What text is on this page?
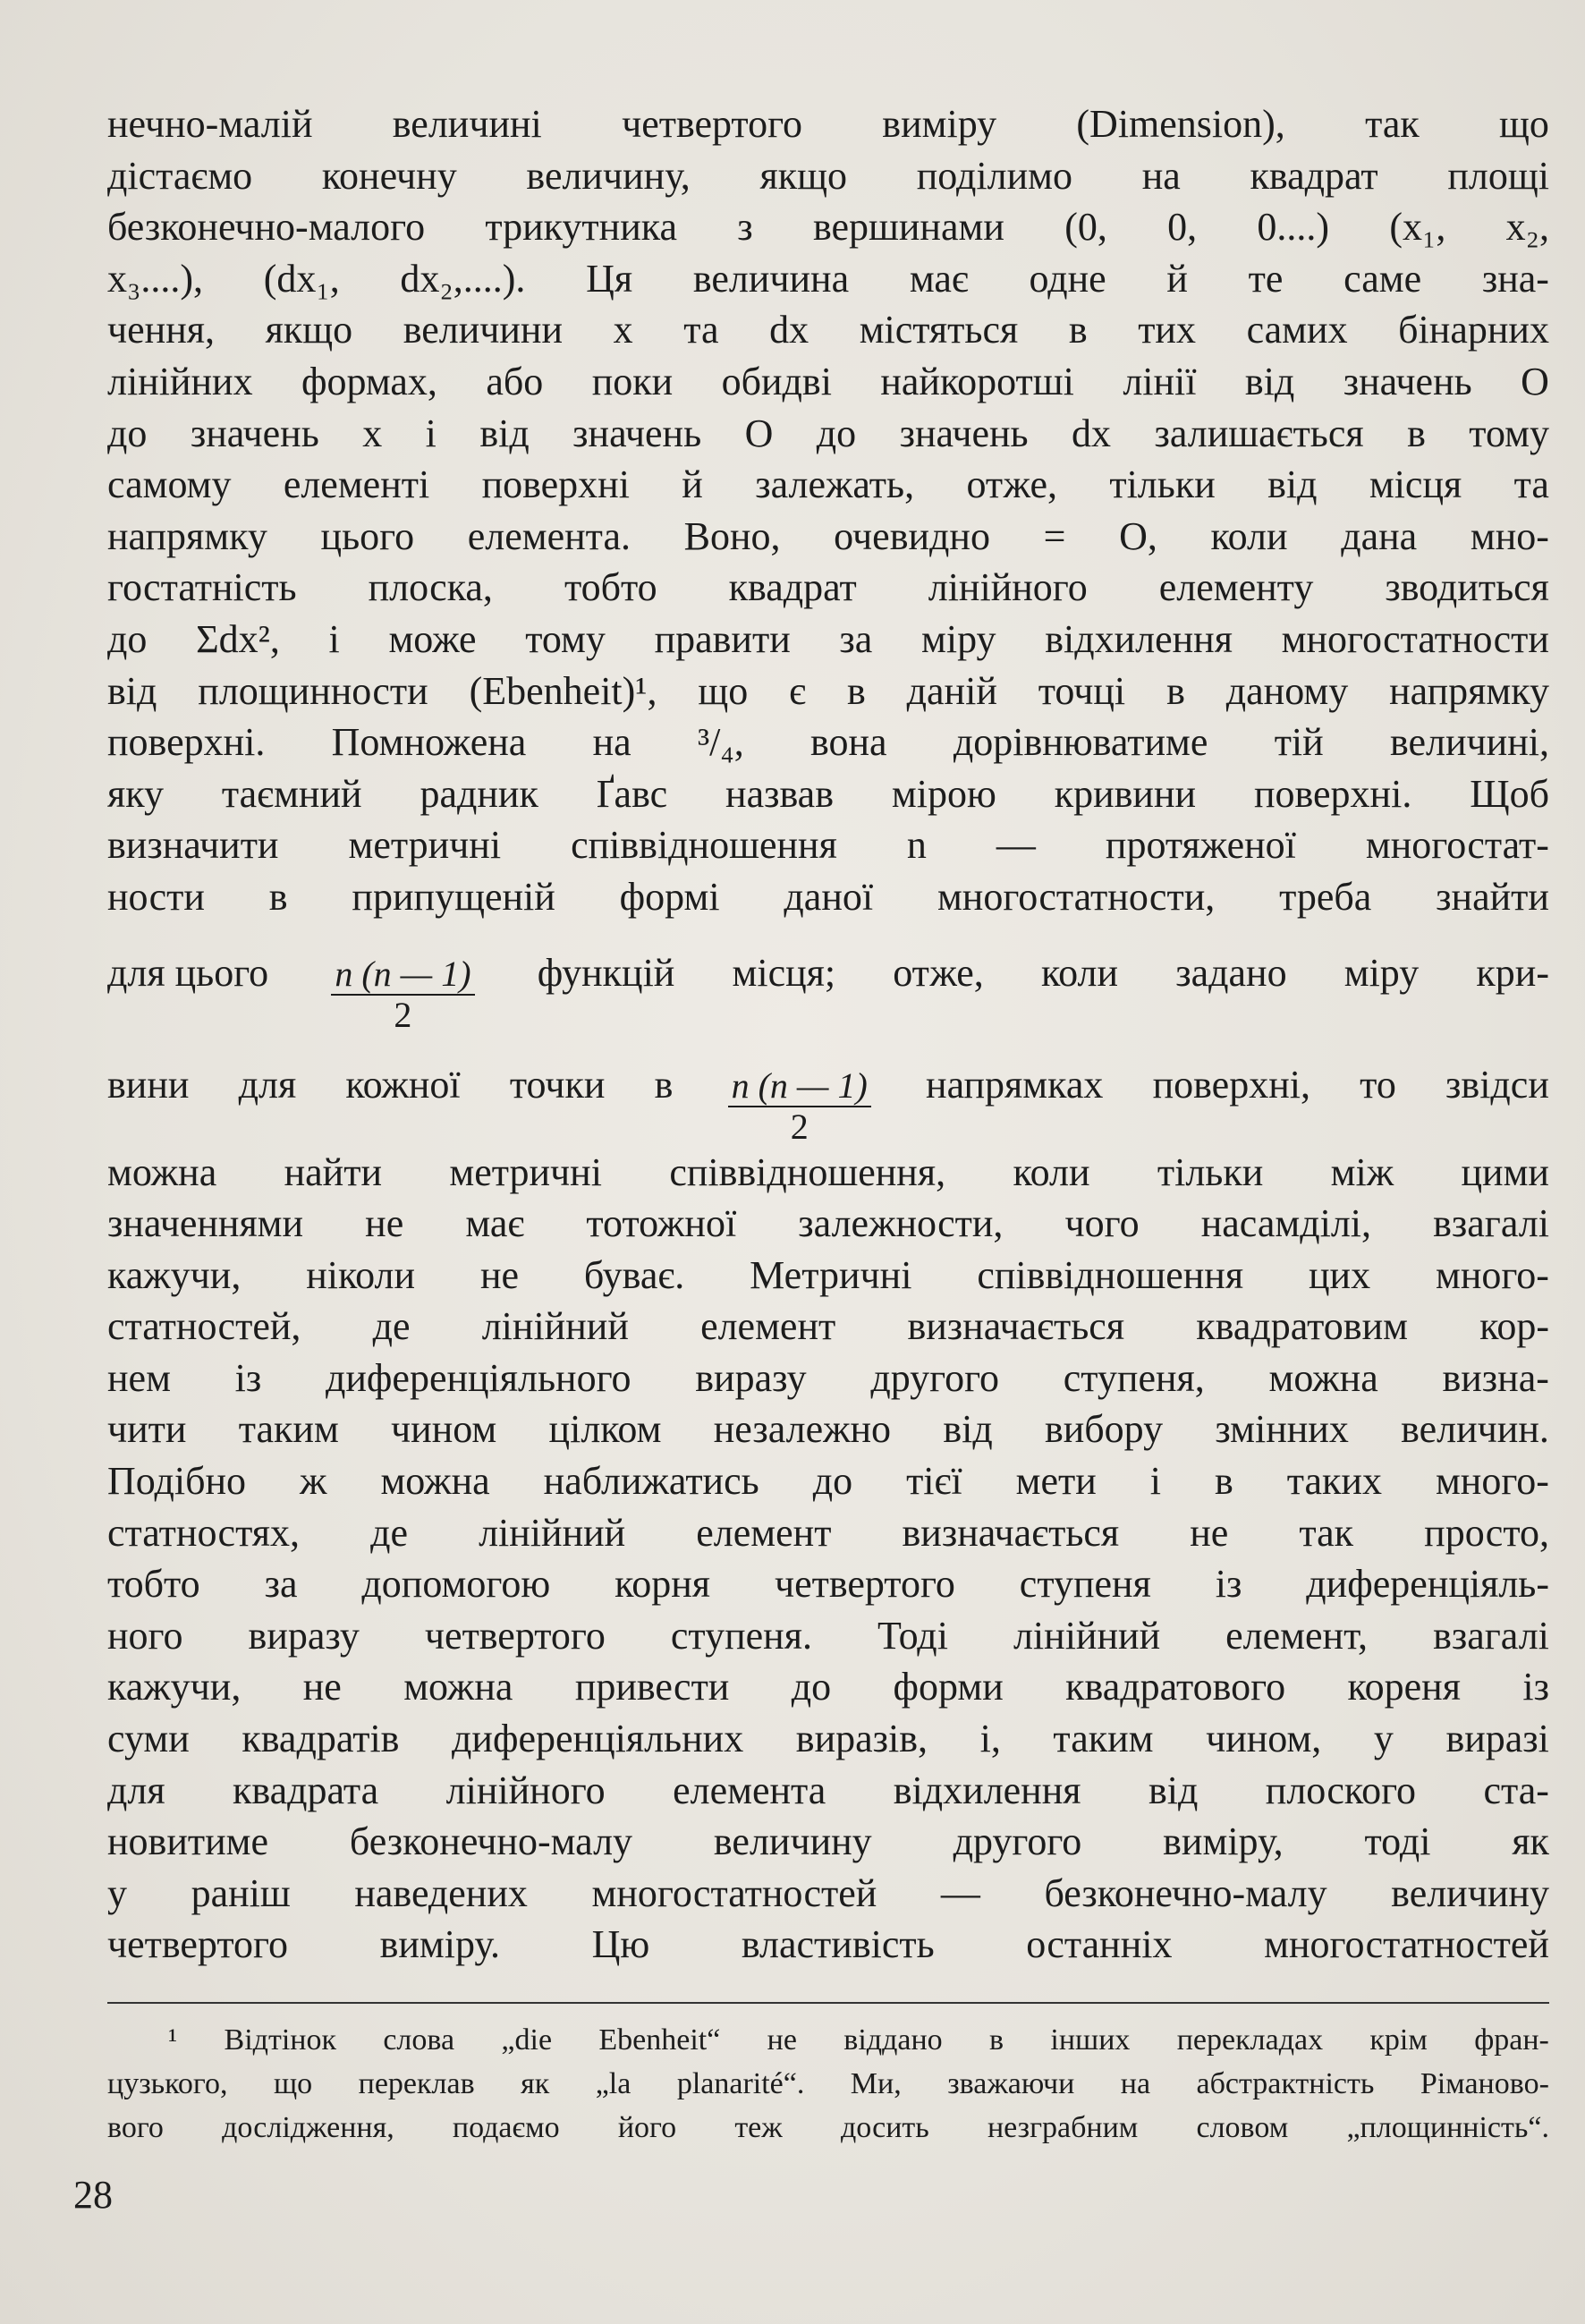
нечно-малій величині четвертого виміру (Dimension), так що
дістаємо конечну величину, якщо поділимо на квадрат площі
безконечно-малого трикутника з вершинами (0, 0, 0....) (x₁, x₂,
x₃....), (dx₁, dx₂,....). Ця величина має одне й те саме зна-
чення, якщо величини x та dx містяться в тих самих бінарних
лінійних формах, або поки обидві найкоротші лінії від значень O
до значень x і від значень O до значень dx залишається в тому
самому елементі поверхні й залежать, отже, тільки від місця та
напрямку цього елемента. Воно, очевидно = O, коли дана мно-
гостатність плоска, тобто квадрат лінійного елементу зводиться
до Σdx², і може тому правити за міру відхилення многостатности
від площинности (Ebenheit)¹, що є в даній точці в даному напрямку
поверхні. Помножена на ³/₄, вона дорівнюватиме тій величині,
яку таємний радник Ґавс назвав мірою кривини поверхні. Щоб
визначити метричні співвідношення n — протяженої многостат-
ности в припущеній формі даної многостатности, треба знайти
для цього $\frac{n (n — 1)}{2}$ функцій місця; отже, коли задано міру кри-
вини для кожної точки в $\frac{n (n — 1)}{2}$ напрямках поверхні, то звідси
можна найти метричні співвідношення, коли тільки між цими
значеннями не має тотожної залежности, чого насамділі, взагалі
кажучи, ніколи не буває. Метричні співвідношення цих много-
статностей, де лінійний елемент визначається квадратовим кор-
нем із диференціяльного виразу другого ступеня, можна визна-
чити таким чином цілком незалежно від вибору змінних величин.
Подібно ж можна наближатись до тієї мети і в таких много-
статностях, де лінійний елемент визначається не так просто,
тобто за допомогою корня четвертого ступеня із диференціяль-
ного виразу четвертого ступеня. Тоді лінійний елемент, взагалі
кажучи, не можна привести до форми квадратового кореня із
суми квадратів диференціяльних виразів, і, таким чином, у виразі
для квадрата лінійного елемента відхилення від плоского ста-
новитиме безконечно-малу величину другого виміру, тоді як
у раніш наведених многостатностей — безконечно-малу величину
четвертого виміру. Цю властивість останніх многостатностей
¹ Відтінок слова „die Ebenheit“ не віддано в інших перекладах крім фран-
цузького, що переклав як „la planarité“. Ми, зважаючи на абстрактність Ріманово-
вого дослідження, подаємо його теж досить незграбним словом „площинність“.
28
